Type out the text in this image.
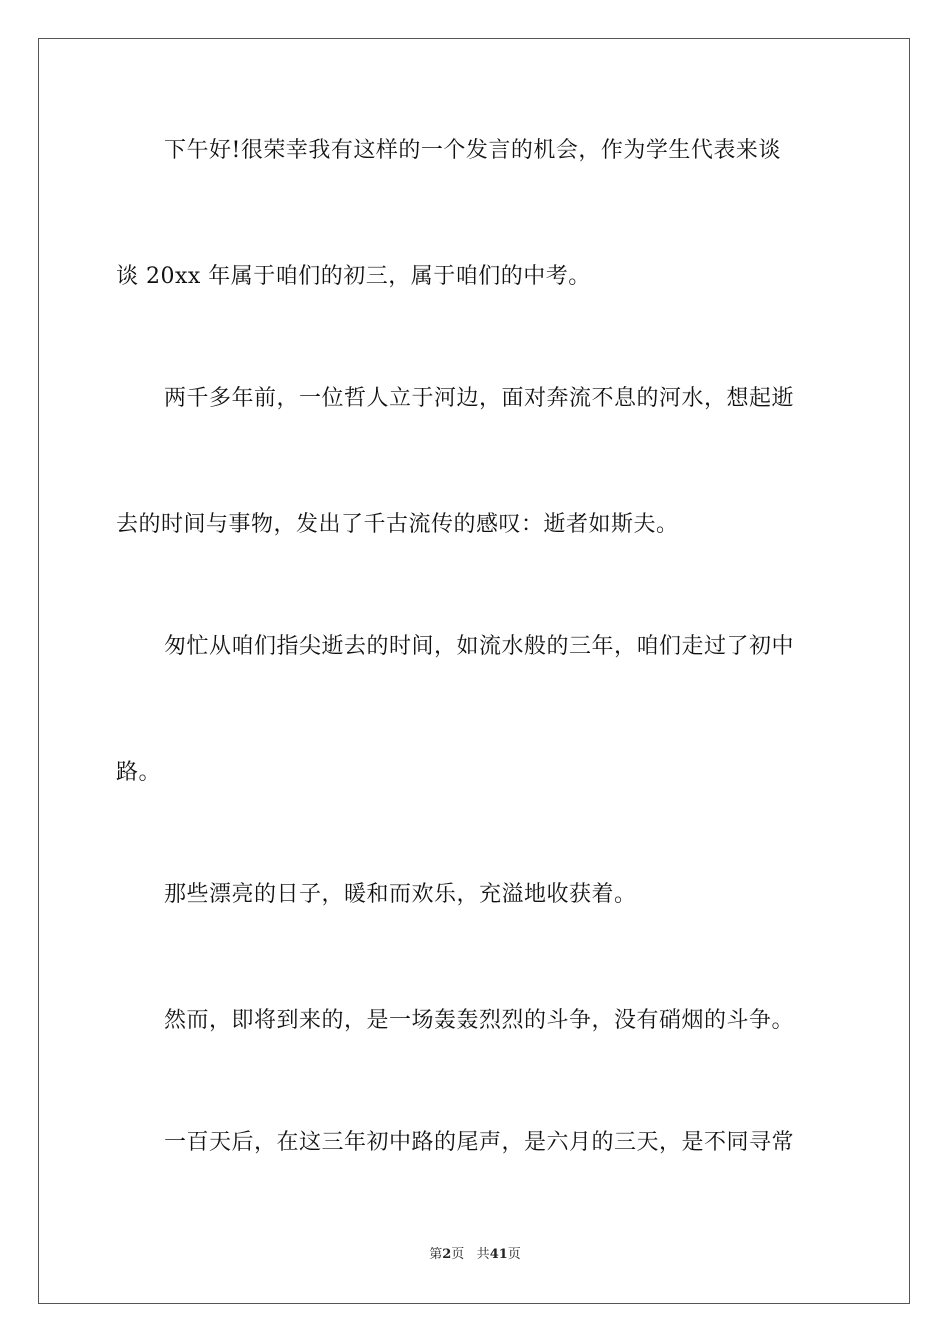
下午好!很荣幸我有这样的一个发言的机会，作为学生代表来谈
谈 20xx 年属于咱们的初三，属于咱们的中考。
两千多年前，一位哲人立于河边，面对奔流不息的河水，想起逝
去的时间与事物，发出了千古流传的感叹：逝者如斯夫。
匆忙从咱们指尖逝去的时间，如流水般的三年，咱们走过了初中
路。
那些漂亮的日子，暖和而欢乐，充溢地收获着。
然而，即将到来的，是一场轰轰烈烈的斗争，没有硝烟的斗争。
一百天后，在这三年初中路的尾声，是六月的三天，是不同寻常
第2页 共41页
